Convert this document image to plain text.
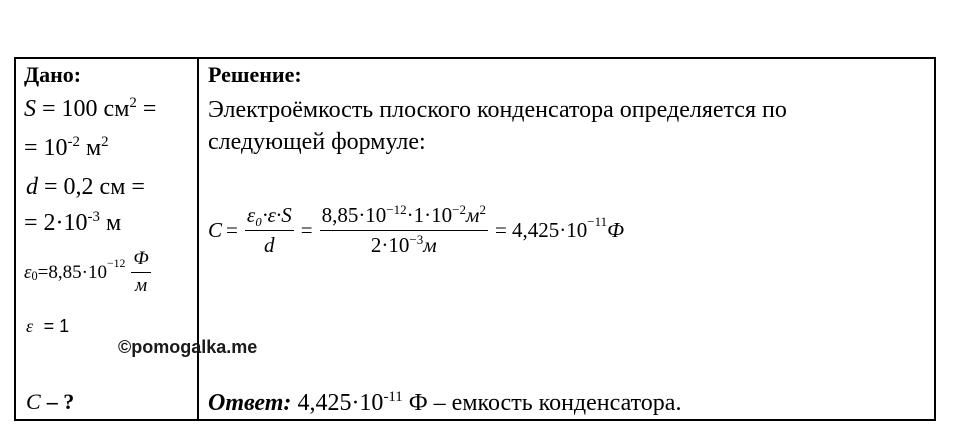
Дано:
S = 100 $см^2$ =
= $10^{-2}$ $м^2$
d = 0,2 см =
= $2\cdot 10^{-3}$ м
$\varepsilon_0 =8,85\cdot 10^{-12} \frac{Ф}{м}$
ε = 1
©pomogalka.me
C – ?
Решение:
Электроёмкость плоского конденсатора определяется по
следующей формуле:
$C = \frac{\text{ε₀·ε·S}}{d} = \frac{8,85\cdot 10^{-12}\cdot 1\cdot 10^{-2}м^2}{2\cdot 10^{-3}м} = 4,425\cdot 10^{-11}$ Ф
Ответ: $4,425\cdot 10^{-11}$ Ф – емкость конденсатора.
